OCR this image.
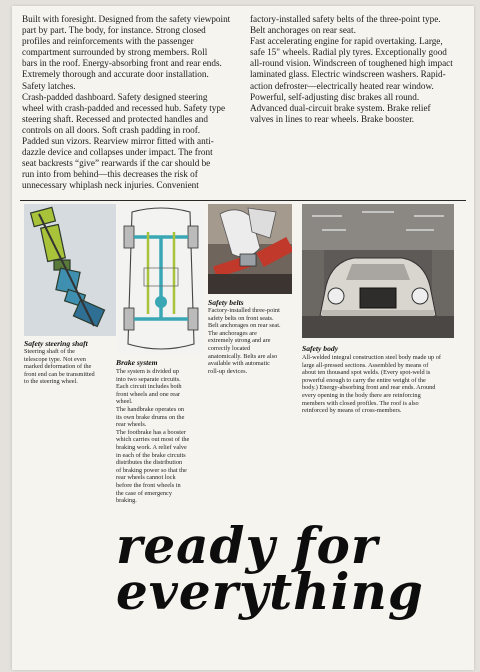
Built with foresight. Designed from the safety viewpoint
part by part. The body, for instance. Strong closed
profiles and reinforcements with the passenger
compartment surrounded by strong members. Roll
bars in the roof. Energy-absorbing front and rear ends.
Extremely thorough and accurate door installation.
Safety latches.
Crash-padded dashboard. Safety designed steering
wheel with crash-padded and recessed hub. Safety type
steering shaft. Recessed and protected handles and
controls on all doors. Soft crash padding in roof.
Padded sun vizors. Rearview mirror fitted with anti-
dazzle device and collapses under impact. The front
seat backrests “give” rearwards if the car should be
run into from behind—this decreases the risk of
unnecessary whiplash neck injuries. Convenient

factory-installed safety belts of the three-point type.
Belt anchorages on rear seat.
Fast accelerating engine for rapid overtaking. Large,
safe 15" wheels. Radial ply tyres. Exceptionally good
all-round vision. Windscreen of toughened high impact
laminated glass. Electric windscreen washers. Rapid-
action defroster—electrically heated rear window.
Powerful, self-adjusting disc brakes all round.
Advanced dual-circuit brake system. Brake relief
valves in lines to rear wheels. Brake booster.

Safety steering shaft

Steering shaft of the
telescope type. Not even
marked deformation of the
front end can be transmitted
to the steering wheel.

Brake system

The system is divided up
into two separate circuits.
Each circuit includes both
front wheels and one rear
wheel.
The handbrake operates on
its own brake drums on the
rear wheels.
The footbrake has a booster
which carries out most of the
braking work. A relief valve
in each of the brake circuits
distributes the distribution
of braking power so that the
rear wheels cannot lock
before the front wheels in
the case of emergency
braking.

Safety belts

Factory-installed three-point
safety belts on front seats.
Belt anchorages on rear seat.
The anchorages are
extremely strong and are
correctly located
anatomically. Belts are also
available with automatic
roll-up devices.

Safety body

All-welded integral construction steel body made up of
large all-pressed sections. Assembled by means of
about ten thousand spot welds. (Every spot-weld is
powerful enough to carry the entire weight of the
body.) Energy-absorbing front and rear ends. Around
every opening in the body there are reinforcing
members with closed profiles. The roof is also
reinforced by means of cross-members.

ready for

everything
